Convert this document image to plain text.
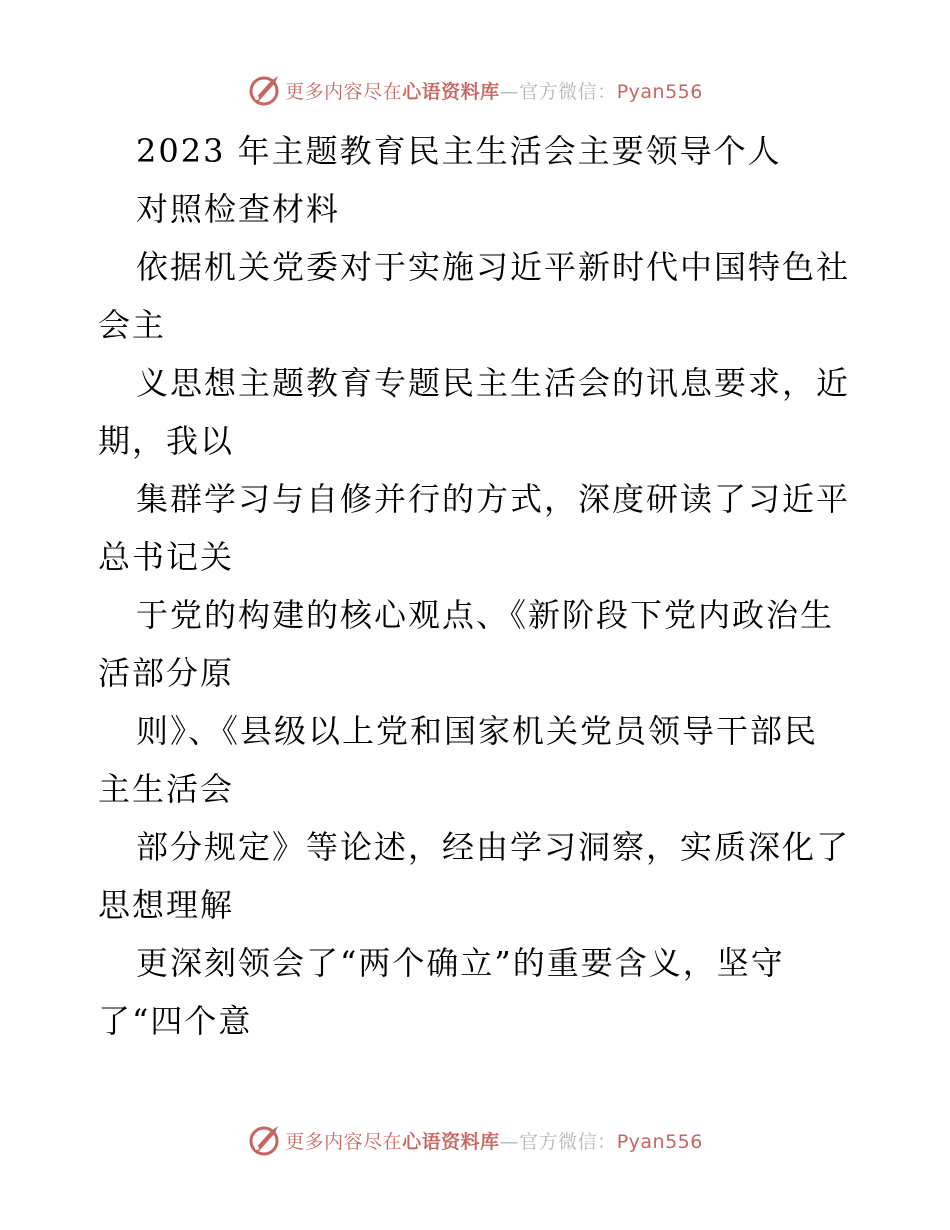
更多内容尽在心语资料库—官方微信：Pyan556
2023 年主题教育民主生活会主要领导个人
对照检查材料
依据机关党委对于实施习近平新时代中国特色社
会主
义思想主题教育专题民主生活会的讯息要求，近
期，我以
集群学习与自修并行的方式，深度研读了习近平
总书记关
于党的构建的核心观点、《新阶段下党内政治生
活部分原
则》、《县级以上党和国家机关党员领导干部民
主生活会
部分规定》等论述，经由学习洞察，实质深化了
思想理解
更深刻领会了“两个确立”的重要含义，坚守
了“四个意
更多内容尽在心语资料库—官方微信：Pyan556
